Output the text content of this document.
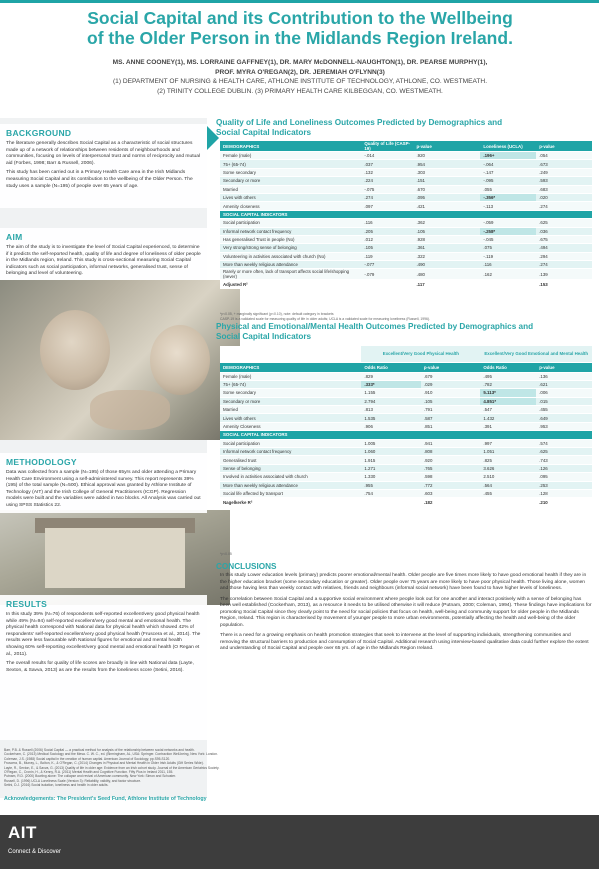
Social Capital and its Contribution to the Wellbeing
of the Older Person in the Midlands Region Ireland.
MS. ANNE COONEY(1), MS. LORRAINE GAFFNEY(1), DR. MARY McDONNELL-NAUGHTON(1), DR. PEARSE MURPHY(1),
PROF. MYRA O'REGAN(2), DR. JEREMIAH O'FLYNN(3)
(1) DEPARTMENT OF NURSING & HEALTH CARE, ATHLONE INSTITUTE OF TECHNOLOGY, ATHLONE, CO. WESTMEATH.
(2) TRINITY COLLEGE DUBLIN. (3) PRIMARY HEALTH CARE KILBEGGAN, CO. WESTMEATH.
BACKGROUND

The literature generally describes Social Capital as a characteristic of social structures made up of a network of relationships between residents of neighbourhoods and communities, focusing on levels of interpersonal trust and norms of reciprocity and mutual aid (Forbes, 1998; Barr & Russell, 2006).

This study has been carried out in a Primary Health Care area in the Irish Midlands measuring Social Capital and its contribution to the wellbeing of the Older Person. The study uses a sample (N=195) of people over 65 years of age.

AIM

The aim of the study is to investigate the level of Social Capital experienced, to determine if it predicts the self-reported health, quality of life and degree of loneliness of older people in the Midlands region, Ireland. This study is cross-sectional measuring Social Capital indicators such as social participation, informal networks, generalised trust, sense of belonging and level of volunteering.

METHODOLOGY

Data was collected from a sample (N=195) of those 65yrs and older attending a Primary Health Care Environment using a self-administered survey. This report represents 39% (195) of the total sample (N=500). Ethical approval was granted by Athlone Institute of Technology (AIT) and the Irish College of General Practitioners (ICGP). Regression models were built and the variables were added in two blocks. All Analysis was carried out using SPSS Statistics 22.

RESULTS

In this study 39% (N=76) of respondents self-reported excellent/very good physical health while 49% (N=94) self-reported excellent/very good mental and emotional health. The physical health correspond with National data for physical health which showed 42% of respondents' self-reported excellent/very good physical health (Fruscera et al., 2014). The results were less favourable with National figures for emotional and mental health showing 60% self-reporting excellent/very good mental and emotional health (O Regan et al., 2011).

The overall results for quality of life scores are broadly in line with National data (Layte, Sexton, & Savva, 2013) as are the results from the loneliness score (Setini, 2016).

Quality of Life and Loneliness Outcomes Predicted by Demographics and
Social Capital Indicators
DEMOGRAPHICS	Quality of Life (CASP-19)	p-value	Loneliness (UCLA)	p-value
Female (male)	-.014	.920	.196+	.054
75+ (65-74)	.037	.954	-.064	.673
Some secondary	.132	.303	-.147	.249
Secondary or more	.224	.151	-.095	.593
Married	-.075	.670	.055	.683
Lives with others	.274	.095	-.356*	.020
Amenity closeness	.097	.421	-.113	.274
SOCIAL CAPITAL INDICATORS				
Social participation	.116	.362	-.059	.625
Informal network contact frequency	.205	.105	-.258*	.036
Has generalised Trust in people (No)	.012	.928	-.045	.675
Very strong/strong sense of belonging	.105	.361	.075	.494
Volunteering in activities associated with church (No)	.119	.322	-.119	.294
More than weekly religious attendance	-.077	.490	.116	.274
Rarely or more often, lack of transport affects social life/shopping (never)	-.079	.480	.162	.139
Adjusted R²		.117		.153
*p<0.05, + marginally significant (p<0.10), note: default category in brackets
CASP-19 is a validated scale for measuring quality of life in older adults; UCLA is a validated scale for measuring loneliness (Russell, 1996).
Physical and Emotional/Mental Health Outcomes Predicted by Demographics and
Social Capital Indicators
	Excellent/Very Good Physical Health		Excellent/Very Good Emotional and Mental Health	
DEMOGRAPHICS	Odds Ratio	p-value	Odds Ratio	p-value
Female (male)	.829	.679	.495	.136
75+ (65-74)	.333*	.029	.782	.621
Some secondary	1.155	.910	5.113*	.006
Secondary or more	2.794	.105	4.851*	.015
Married	.813	.791	.547	.455
Lives with others	1.535	.587	1.432	.649
Amenity Closeness	.906	.851	.391	.953
SOCIAL CAPITAL INDICATORS				
Social participation	1.005	.941	.997	.574
Informal network contact frequency	1.060	.808	1.051	.625
Generalised trust	1.915	.920	.825	.743
Sense of belonging	1.271	.765	3.626	.126
Involved in activities associated with church	1.330	.598	2.510	.095
More than weekly religious attendance	.955	.772	.564	.253
Social life affected by transport	.754	.603	.455	.128
Nagelkerke R²		.182		.210
*p<0.05
CONCLUSIONS

In this study Lower education levels (primary) predicts poorer emotional/mental health. Older people are five times more likely to have good emotional health if they are in the higher education bracket (some secondary education or greater). Older people over 75 years are more likely to have poor physical health. Those living alone, women and those having less than weekly contact with relatives, friends and neighbours (informal social network) have been found to have higher levels of loneliness.

The correlation between Social Capital and a supportive social environment where people look out for one another and interact positively with a sense of belonging has been well established (Cockerham, 2013), as a resource it needs to be utilised otherwise it will reduce (Putnam, 2000; Coleman, 1994). These findings have implications for promoting Social Capital since they clearly point to the need for social policies that focus on health, well-being and community support for older people in the Midlands Region, Ireland. This region is characterised by movement of younger people to more urban environments, potentially affecting the health and well-being of the older population.

There is a need for a growing emphasis on health promotion strategies that seek to intervene at the level of supporting individuals, strengthening communities and removing the structural barriers to production and consumption of Social Capital. Additional research using interview-based qualitative data could further explore the extent and understanding of Social Capital and people over 65 yrs. of age in the Midlands Region Ireland.

Barr, P.B. & Russell (2006) Social Capital — a practical method for analysis of the relationship between social networks and health.
Cockerham, C. (2013) Medical Sociology and the Mesa. C. W. C., ed. (Birmingham, AL, USA: Springer. Contraction Well-being, New York: London.
Coleman, J.S. (1988) Social capital in the creation of human capital. American Journal of Sociology, pp.S95-S120.
Fruscera, B., Murray, L., Bolton, K., & O'Regan, C. (2014) Changes in Physical and Mental Health in Older Irish Adults (Gift Series Wide).
Layte, R., Sexton, E., & Savva, G. (2013) Quality of life in older age: Evidence from an Irish cohort study. Journal of the American Geriatrics Society.
O'Regan, C., Cronin, H., & Kenny, R.A. (2011) Mental Health and Cognitive Function. Fifty Plus in Ireland 2011, 155.
Putnam, R.D. (2000) Bowling alone: The collapse and revival of American community. New York: Simon and Schuster.
Russell, D. (1996) UCLA Loneliness Scale (Version 3): Reliability, validity, and factor structure.
Setini, D.J. (2016) Social isolation, loneliness and health in older adults.
Acknowledgements: The President's Seed Fund, Athlone Institute of Technology
AIT
Connect & Discover
